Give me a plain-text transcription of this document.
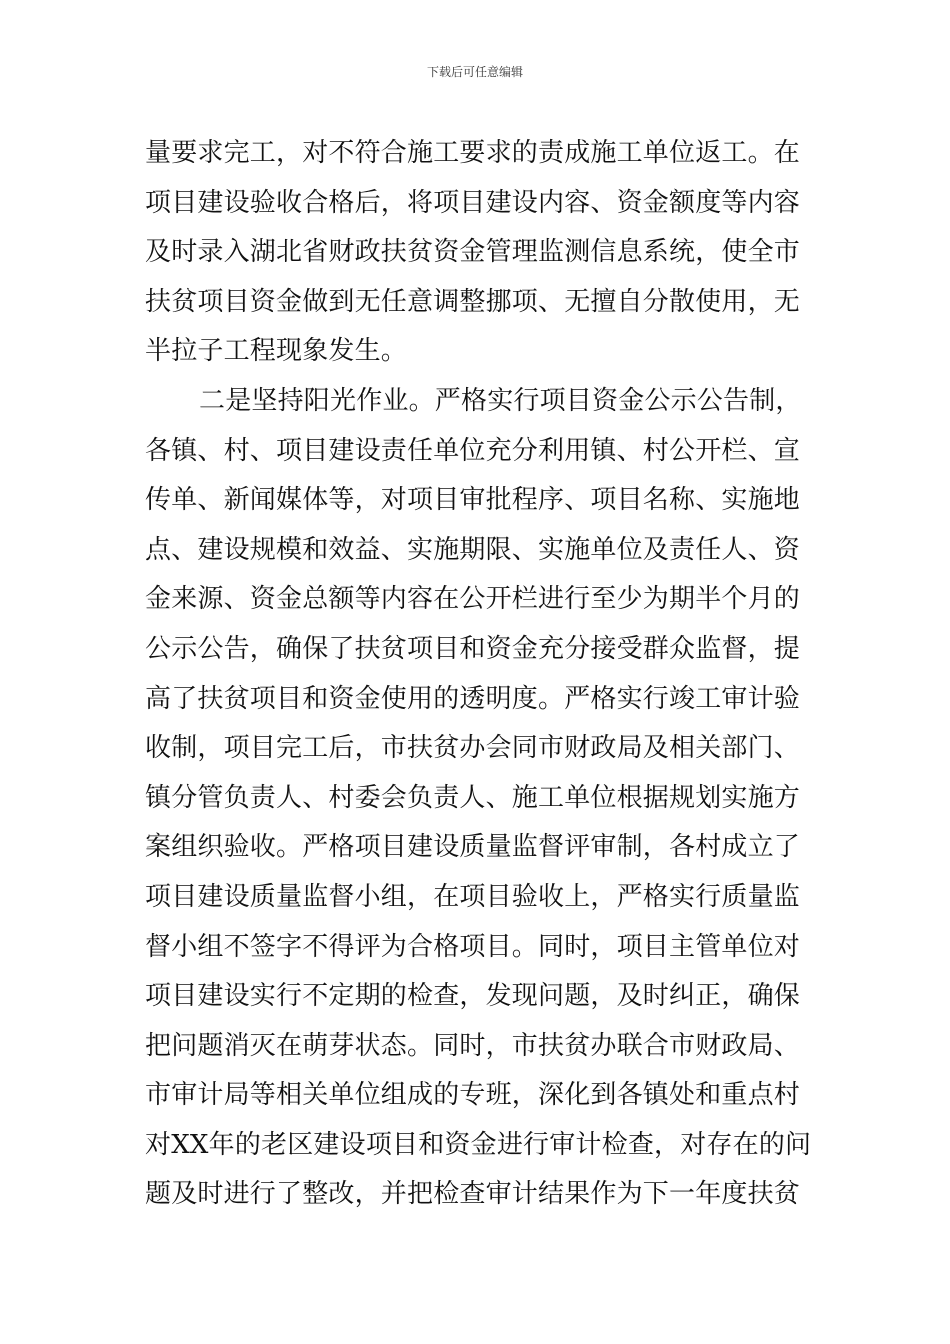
下载后可任意编辑
量要求完工，对不符合施工要求的责成施工单位返工。在
项目建设验收合格后，将项目建设内容、资金额度等内容
及时录入湖北省财政扶贫资金管理监测信息系统，使全市
扶贫项目资金做到无任意调整挪项、无擅自分散使用，无
半拉子工程现象发生。
二是坚持阳光作业。严格实行项目资金公示公告制，
各镇、村、项目建设责任单位充分利用镇、村公开栏、宣
传单、新闻媒体等，对项目审批程序、项目名称、实施地
点、建设规模和效益、实施期限、实施单位及责任人、资
金来源、资金总额等内容在公开栏进行至少为期半个月的
公示公告，确保了扶贫项目和资金充分接受群众监督，提
高了扶贫项目和资金使用的透明度。严格实行竣工审计验
收制，项目完工后，市扶贫办会同市财政局及相关部门、
镇分管负责人、村委会负责人、施工单位根据规划实施方
案组织验收。严格项目建设质量监督评审制，各村成立了
项目建设质量监督小组，在项目验收上，严格实行质量监
督小组不签字不得评为合格项目。同时，项目主管单位对
项目建设实行不定期的检查，发现问题，及时纠正，确保
把问题消灭在萌芽状态。同时，市扶贫办联合市财政局、
市审计局等相关单位组成的专班，深化到各镇处和重点村
对XX年的老区建设项目和资金进行审计检查，对存在的问
题及时进行了整改，并把检查审计结果作为下一年度扶贫
